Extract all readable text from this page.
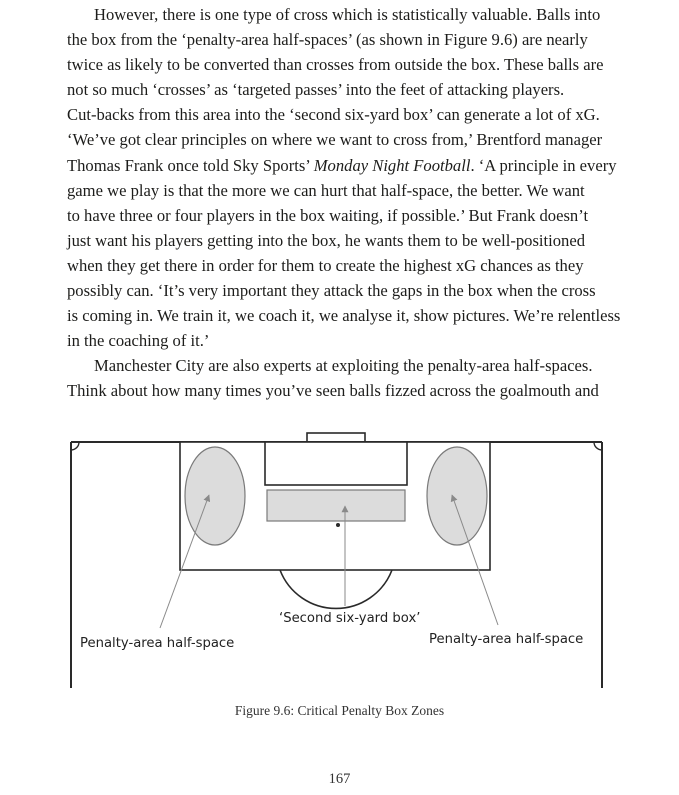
However, there is one type of cross which is statistically valuable. Balls into
the box from the ‘penalty-area half-spaces’ (as shown in Figure 9.6) are nearly
twice as likely to be converted than crosses from outside the box. These balls are
not so much ‘crosses’ as ‘targeted passes’ into the feet of attacking players.
Cut-backs from this area into the ‘second six-yard box’ can generate a lot of xG.
‘We’ve got clear principles on where we want to cross from,’ Brentford manager
Thomas Frank once told Sky Sports’ Monday Night Football. ‘A principle in every
game we play is that the more we can hurt that half-space, the better. We want
to have three or four players in the box waiting, if possible.’ But Frank doesn’t
just want his players getting into the box, he wants them to be well-positioned
when they get there in order for them to create the highest xG chances as they
possibly can. ‘It’s very important they attack the gaps in the box when the cross
is coming in. We train it, we coach it, we analyse it, show pictures. We’re relentless
in the coaching of it.’

Manchester City are also experts at exploiting the penalty-area half-spaces.
Think about how many times you’ve seen balls fizzed across the goalmouth and

Penalty-area half-space
‘Second six-yard box’
Penalty-area half-space
Figure 9.6: Critical Penalty Box Zones
167
